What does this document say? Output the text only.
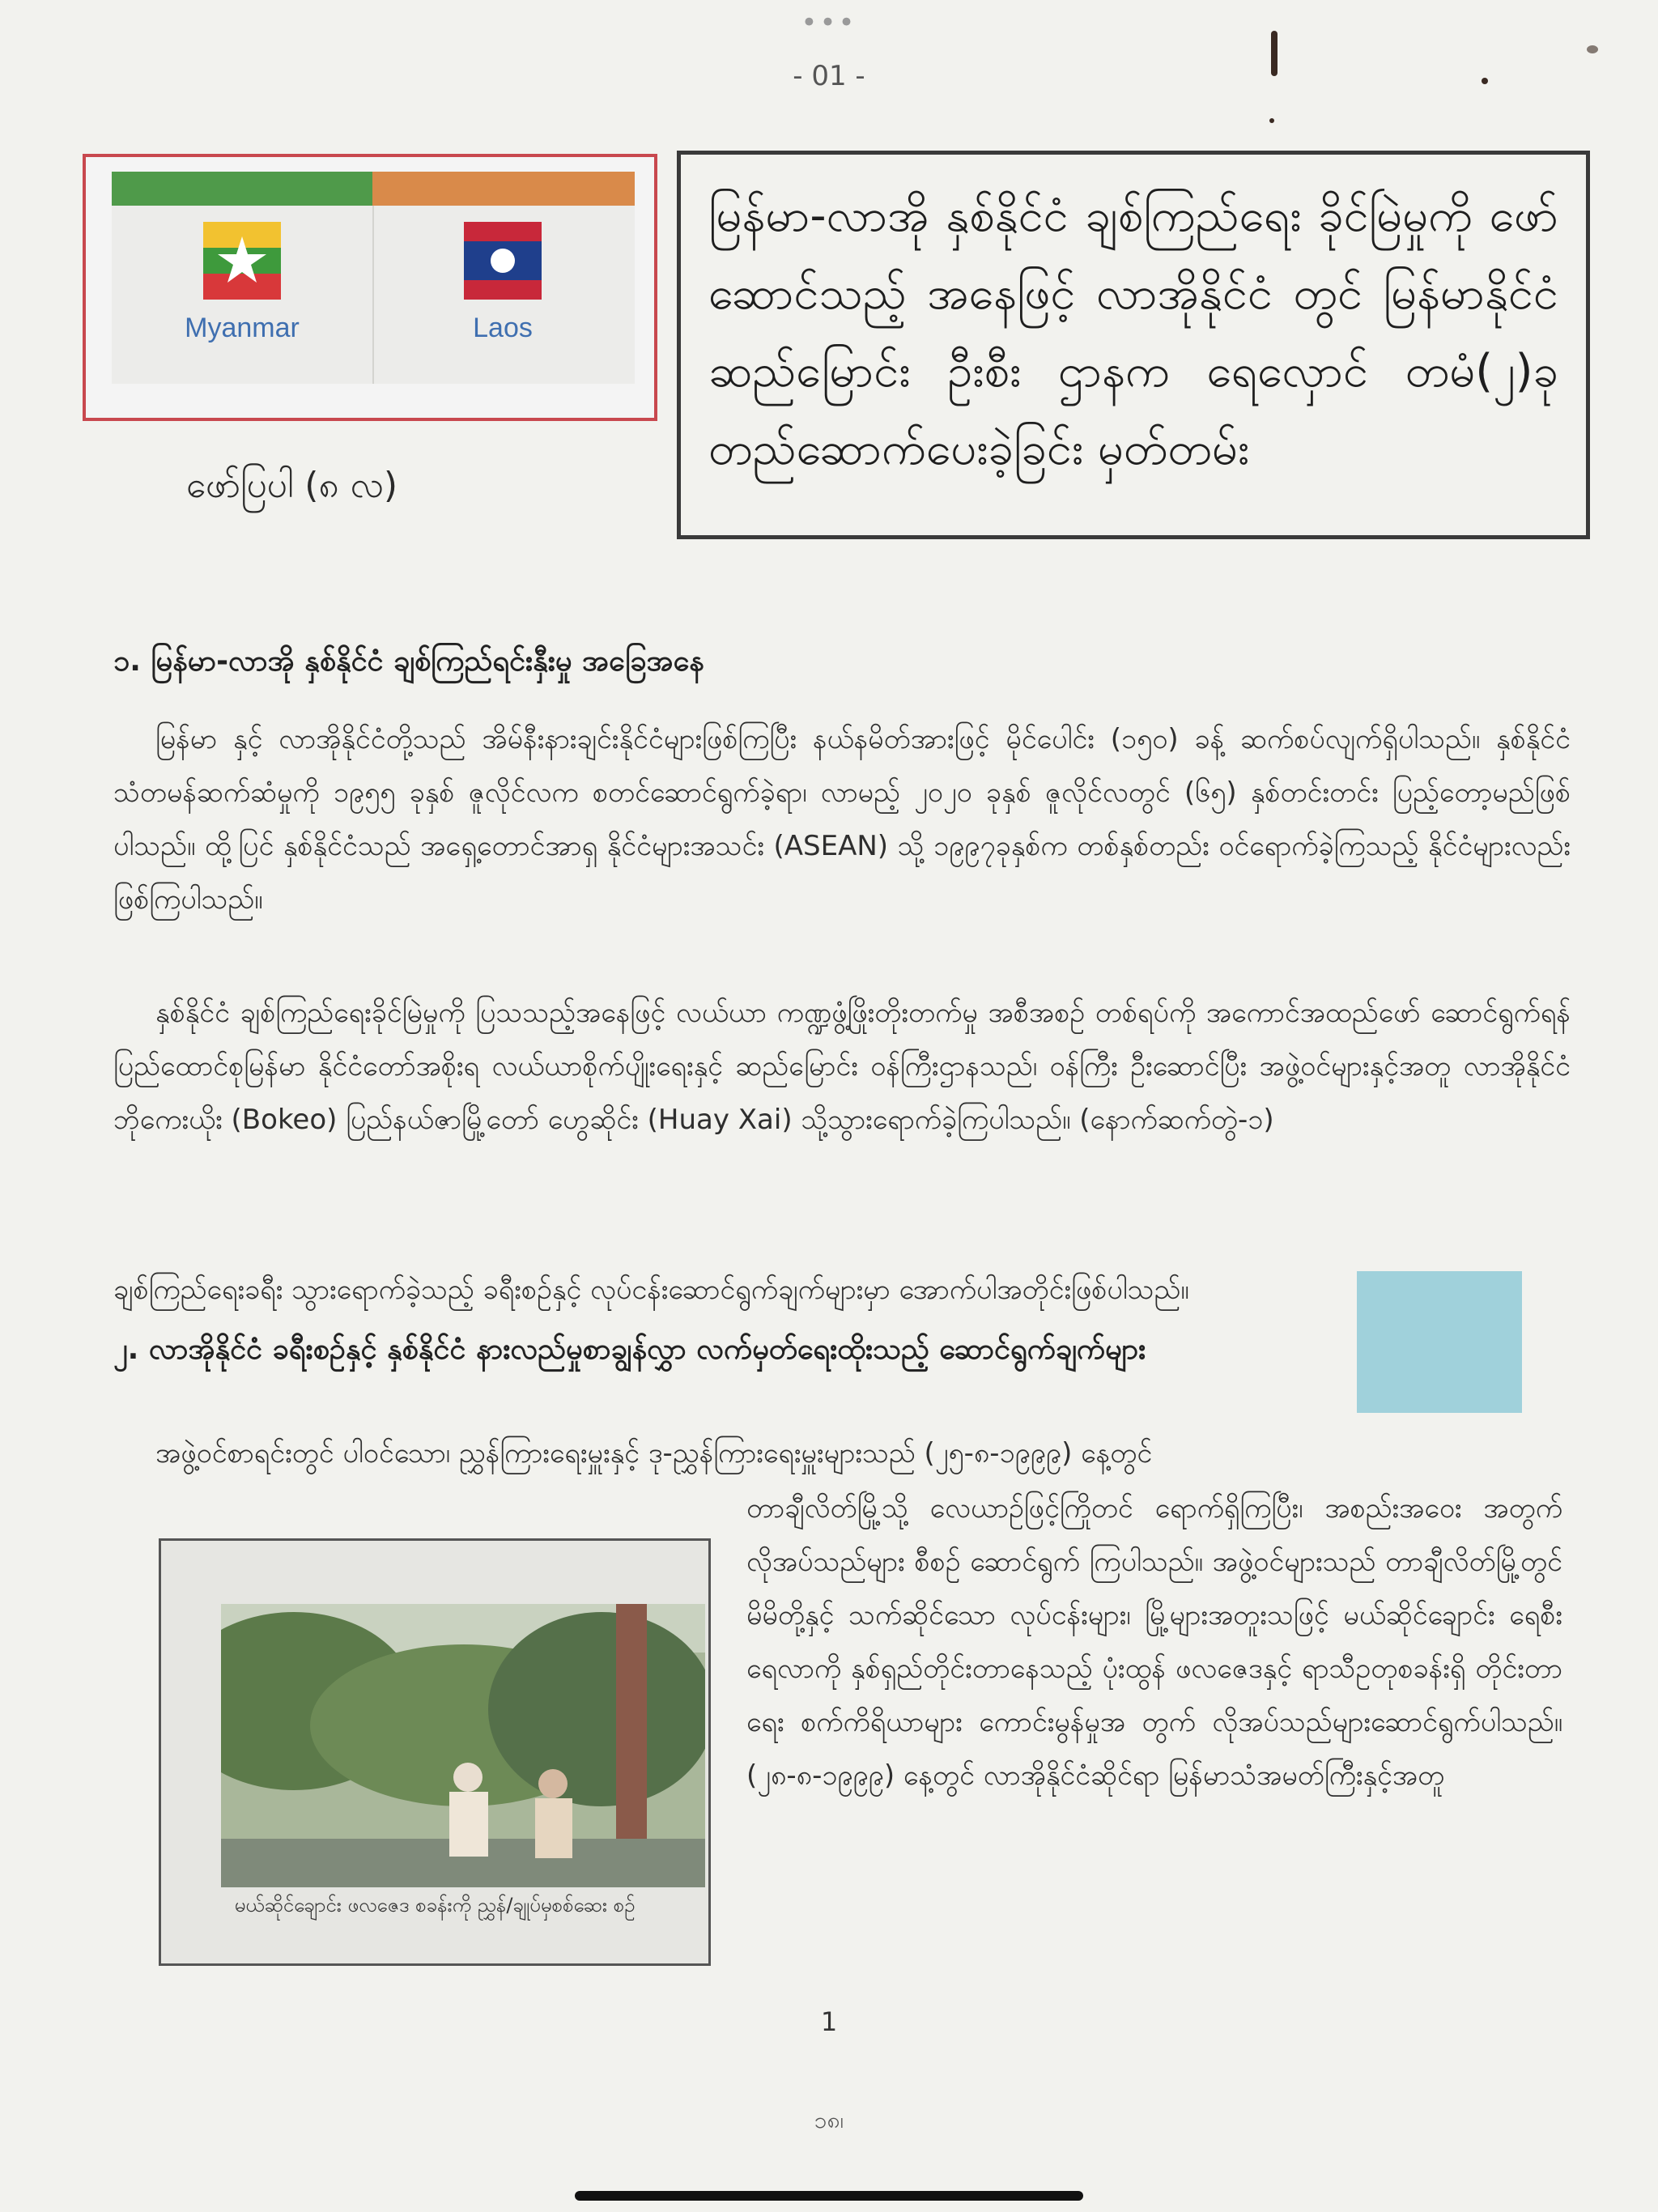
•••
- 01 -
Myanmar	Laos
ဖော်ပြပါ (၈ လ)
မြန်မာ-လာအို နှစ်နိုင်ငံ ချစ်ကြည်ရေး ခိုင်မြဲမှုကို ဖော်ဆောင်သည့် အနေဖြင့် လာအိုနိုင်ငံ တွင် မြန်မာနိုင်ငံ ဆည်မြောင်း ဦးစီး ဌာနက ရေလှောင် တမံ(၂)ခု တည်ဆောက်ပေးခဲ့ခြင်း မှတ်တမ်း
၁. မြန်မာ-လာအို နှစ်နိုင်ငံ ချစ်ကြည်ရင်းနှီးမှု အခြေအနေ
မြန်မာ နှင့် လာအိုနိုင်ငံတို့သည် အိမ်နီးနားချင်းနိုင်ငံများဖြစ်ကြပြီး နယ်နမိတ်အားဖြင့် မိုင်ပေါင်း (၁၅၀) ခန့် ဆက်စပ်လျက်ရှိပါသည်။ နှစ်နိုင်ငံ သံတမန်ဆက်ဆံမှုကို ၁၉၅၅ ခုနှစ် ဇူလိုင်လက စတင်ဆောင်ရွက်ခဲ့ရာ၊ လာမည့် ၂၀၂၀ ခုနှစ် ဇူလိုင်လတွင် (၆၅) နှစ်တင်းတင်း ပြည့်တော့မည်ဖြစ်ပါသည်။ ထို့ပြင် နှစ်နိုင်ငံသည် အရှေ့တောင်အာရှ နိုင်ငံများအသင်း (ASEAN) သို့ ၁၉၉၇ခုနှစ်က တစ်နှစ်တည်း ဝင်ရောက်ခဲ့ကြသည့် နိုင်ငံများလည်း ဖြစ်ကြပါသည်။
နှစ်နိုင်ငံ ချစ်ကြည်ရေးခိုင်မြဲမှုကို ပြသသည့်အနေဖြင့် လယ်ယာ ကဏ္ဍဖွံ့ဖြိုးတိုးတက်မှု အစီအစဉ် တစ်ရပ်ကို အကောင်အထည်ဖော် ဆောင်ရွက်ရန် ပြည်ထောင်စုမြန်မာ နိုင်ငံတော်အစိုးရ လယ်ယာစိုက်ပျိုးရေးနှင့် ဆည်မြောင်း ဝန်ကြီးဌာနသည်၊ ဝန်ကြီး ဦးဆောင်ပြီး အဖွဲ့ဝင်များနှင့်အတူ လာအိုနိုင်ငံ ဘိုကေးယိုး (Bokeo) ပြည်နယ်ဇာမြို့တော် ဟွေဆိုင်း (Huay Xai) သို့သွားရောက်ခဲ့ကြပါသည်။ (နောက်ဆက်တွဲ-၁)
ချစ်ကြည်ရေးခရီး သွားရောက်ခဲ့သည့် ခရီးစဉ်နှင့် လုပ်ငန်းဆောင်ရွက်ချက်များမှာ အောက်ပါအတိုင်းဖြစ်ပါသည်။
၂. လာအိုနိုင်ငံ ခရီးစဉ်နှင့် နှစ်နိုင်ငံ နားလည်မှုစာချွန်လွှာ လက်မှတ်ရေးထိုးသည့် ဆောင်ရွက်ချက်များ
အဖွဲ့ဝင်စာရင်းတွင် ပါဝင်သော၊ ညွှန်ကြားရေးမှူးနှင့် ဒု-ညွှန်ကြားရေးမှူးများသည် (၂၅-၈-၁၉၉၉) နေ့တွင်
မယ်ဆိုင်ချောင်း ဖလဇေဒ စခန်းကို ညွှန်/ချုပ်မှစစ်ဆေး စဉ်
တာချီလိတ်မြို့သို့ လေယာဉ်ဖြင့်ကြိုတင် ရောက်ရှိကြပြီး၊ အစည်းအဝေး အတွက် လိုအပ်သည်များ စီစဉ် ဆောင်ရွက် ကြပါသည်။ အဖွဲ့ဝင်များသည် တာချီလိတ်မြို့တွင် မိမိတို့နှင့် သက်ဆိုင်သော လုပ်ငန်းများ၊ မြို့များအတူးသဖြင့် မယ်ဆိုင်ချောင်း ရေစီးရေလာကို နှစ်ရှည်တိုင်းတာနေသည့် ပုံးထွန် ဖလဇေဒနှင့် ရာသီဥတုစခန်းရှိ တိုင်းတာရေး စက်ကိရိယာများ ကောင်းမွန်မှုအ တွက် လိုအပ်သည်များဆောင်ရွက်ပါသည်။ (၂၈-၈-၁၉၉၉) နေ့တွင် လာအိုနိုင်ငံဆိုင်ရာ မြန်မာသံအမတ်ကြီးနှင့်အတူ
1
၁၈၊
